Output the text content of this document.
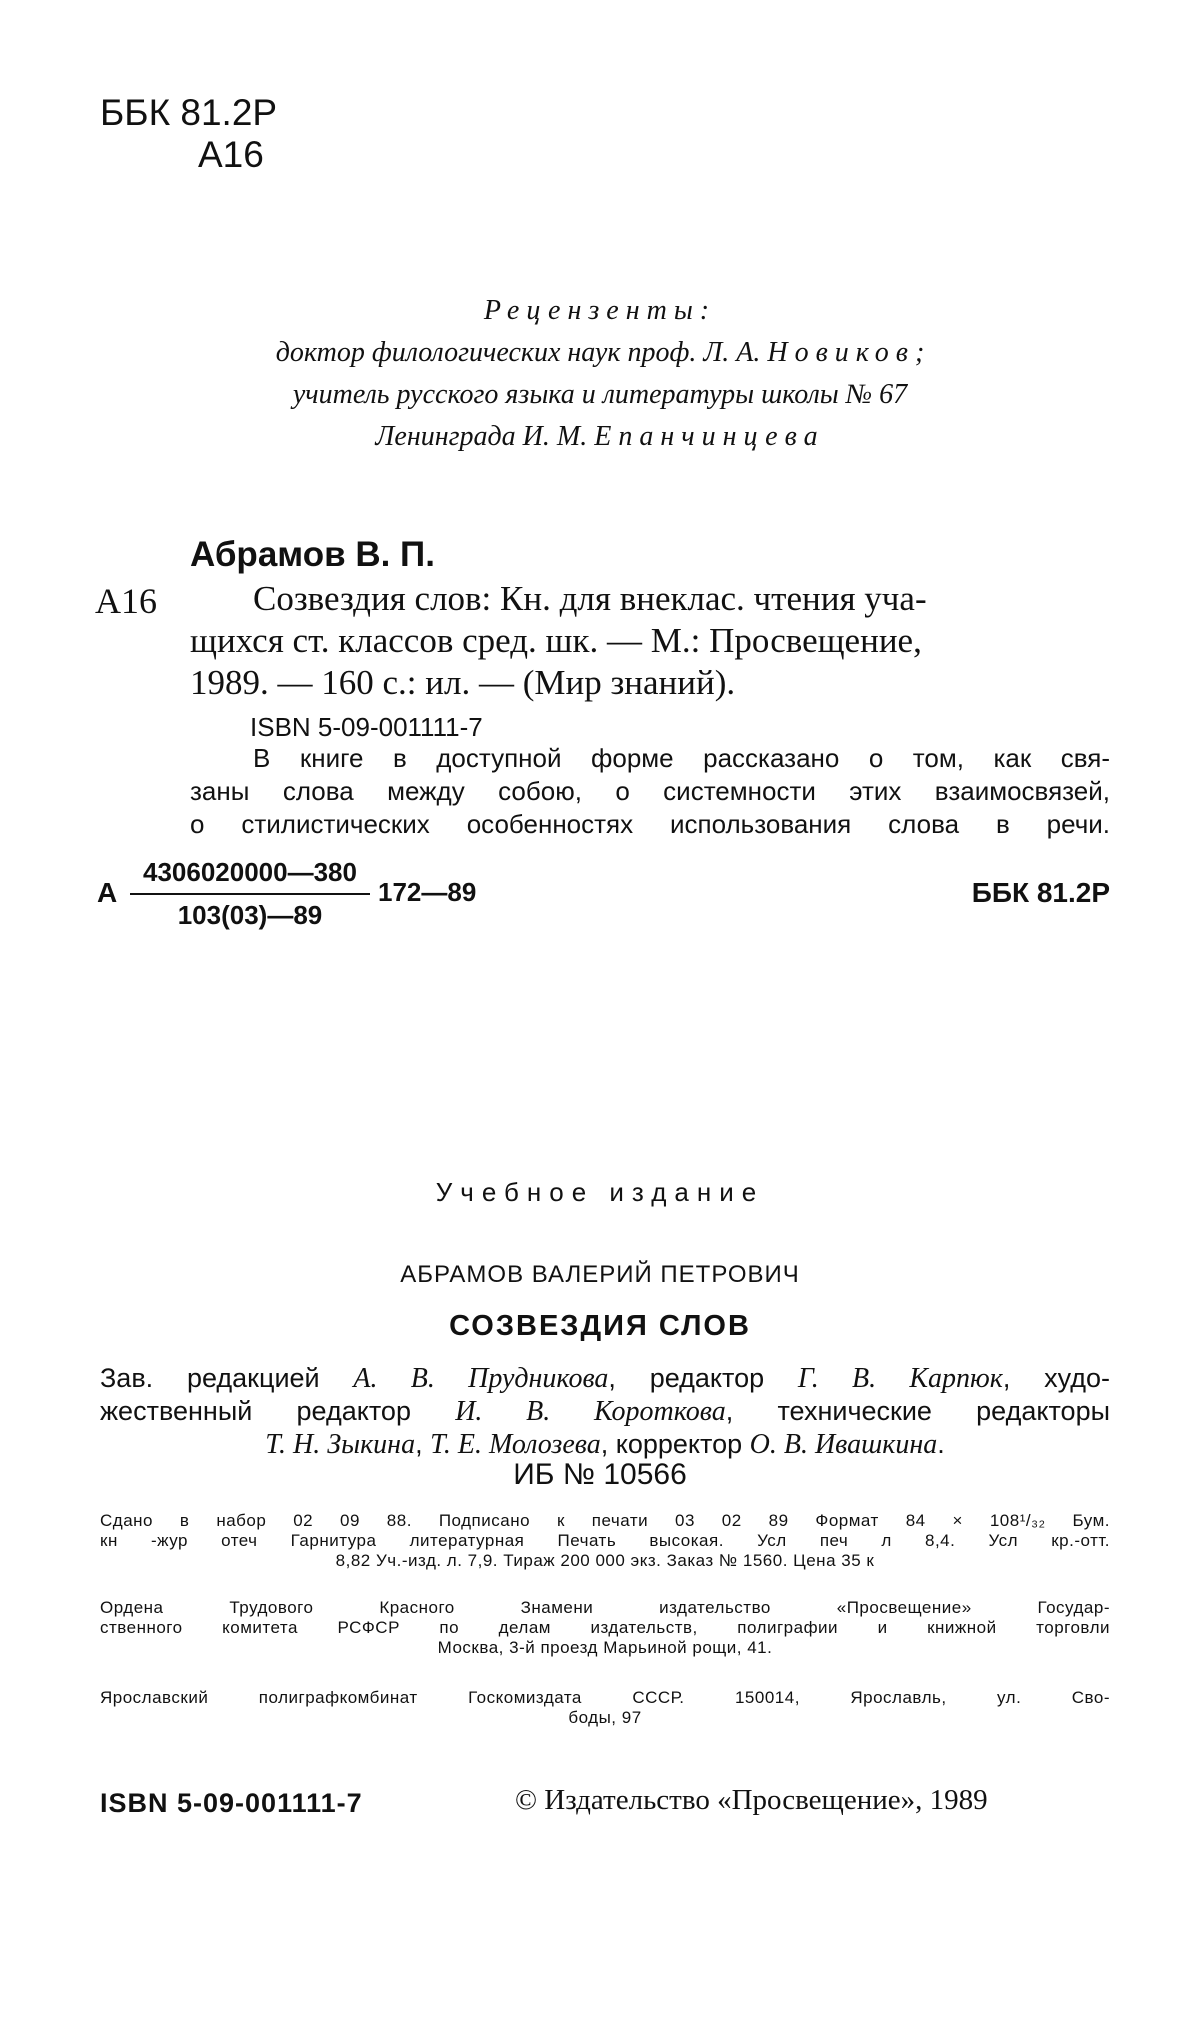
ББК 81.2Р
А16
Рецензенты:
доктор филологических наук проф. Л. А. Новиков;
учитель русского языка и литературы школы № 67
Ленинграда И. М. Епанчинцева
Абрамов В. П.
А16	Созвездия слов: Кн. для внеклас. чтения уча-
щихся ст. классов сред. шк. — М.: Просвещение,
1989. — 160 с.: ил. — (Мир знаний).
ISBN 5-09-001111-7

В книге в доступной форме рассказано о том, как свя-

заны слова между собою, о системности этих взаимосвязей,

о стилистических особенностях использования слова в речи.

А
4306020000—380
103(03)—89
172—89	ББК 81.2Р
Учебное издание
АБРАМОВ ВАЛЕРИЙ ПЕТРОВИЧ
СОЗВЕЗДИЯ СЛОВ
Зав. редакцией А. В. Прудникова, редактор Г. В. Карпюк, худо-
жественный редактор И. В. Короткова, технические редакторы
Т. Н. Зыкина, Т. Е. Молозева, корректор О. В. Ивашкина.
ИБ № 10566
Сдано в набор 02 09 88. Подписано к печати 03 02 89 Формат 84 × 108¹/₃₂ Бум.
кн -жур отеч Гарнитура литературная Печать высокая. Усл печ л 8,4. Усл кр.-отт.
8,82 Уч.-изд. л. 7,9. Тираж 200 000 экз. Заказ № 1560. Цена 35 к
Ордена Трудового Красного Знамени издательство «Просвещение» Государ-
ственного комитета РСФСР по делам издательств, полиграфии и книжной торговли
Москва, 3-й проезд Марьиной рощи, 41.
Ярославский полиграфкомбинат Госкомиздата СССР. 150014, Ярославль, ул. Сво-
боды, 97
ISBN 5-09-001111-7	© Издательство «Просвещение», 1989
